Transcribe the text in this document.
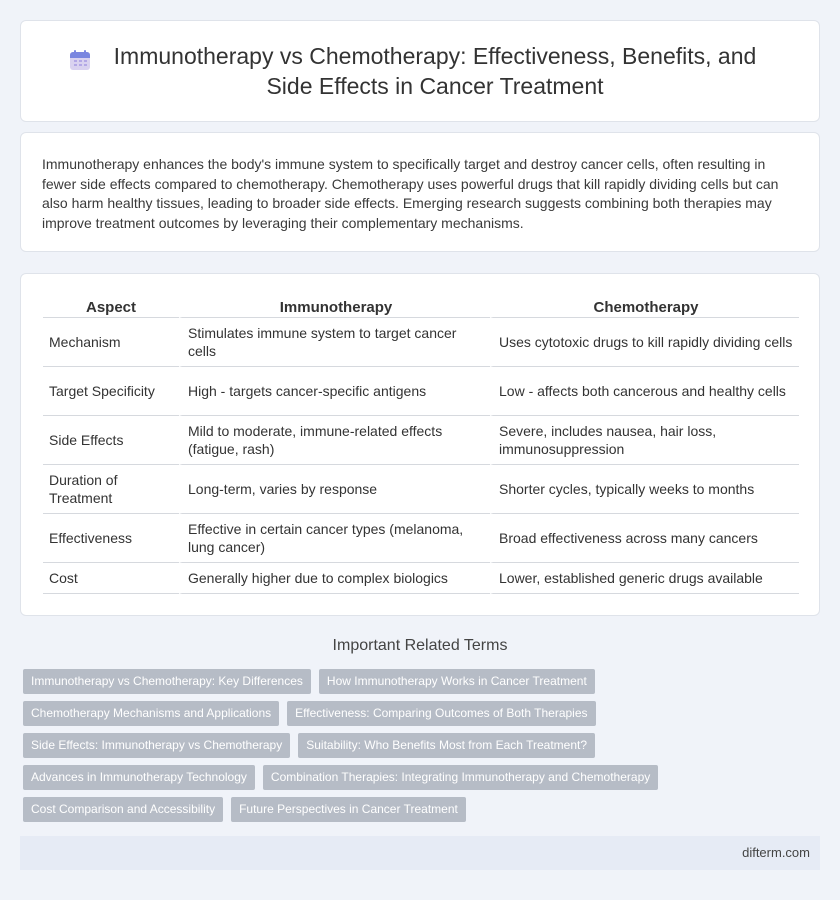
Immunotherapy vs Chemotherapy: Effectiveness, Benefits, and Side Effects in Cancer Treatment

Immunotherapy enhances the body's immune system to specifically target and destroy cancer cells, often resulting in fewer side effects compared to chemotherapy. Chemotherapy uses powerful drugs that kill rapidly dividing cells but can also harm healthy tissues, leading to broader side effects. Emerging research suggests combining both therapies may improve treatment outcomes by leveraging their complementary mechanisms.

Aspect	Immunotherapy	Chemotherapy
Mechanism	Stimulates immune system to target cancer cells	Uses cytotoxic drugs to kill rapidly dividing cells
Target Specificity	High - targets cancer-specific antigens	Low - affects both cancerous and healthy cells
Side Effects	Mild to moderate, immune-related effects (fatigue, rash)	Severe, includes nausea, hair loss, immunosuppression
Duration of Treatment	Long-term, varies by response	Shorter cycles, typically weeks to months
Effectiveness	Effective in certain cancer types (melanoma, lung cancer)	Broad effectiveness across many cancers
Cost	Generally higher due to complex biologics	Lower, established generic drugs available
Important Related Terms
Immunotherapy vs Chemotherapy: Key Differences	How Immunotherapy Works in Cancer Treatment
Chemotherapy Mechanisms and Applications	Effectiveness: Comparing Outcomes of Both Therapies
Side Effects: Immunotherapy vs Chemotherapy	Suitability: Who Benefits Most from Each Treatment?
Advances in Immunotherapy Technology	Combination Therapies: Integrating Immunotherapy and Chemotherapy
Cost Comparison and Accessibility	Future Perspectives in Cancer Treatment
difterm.com
